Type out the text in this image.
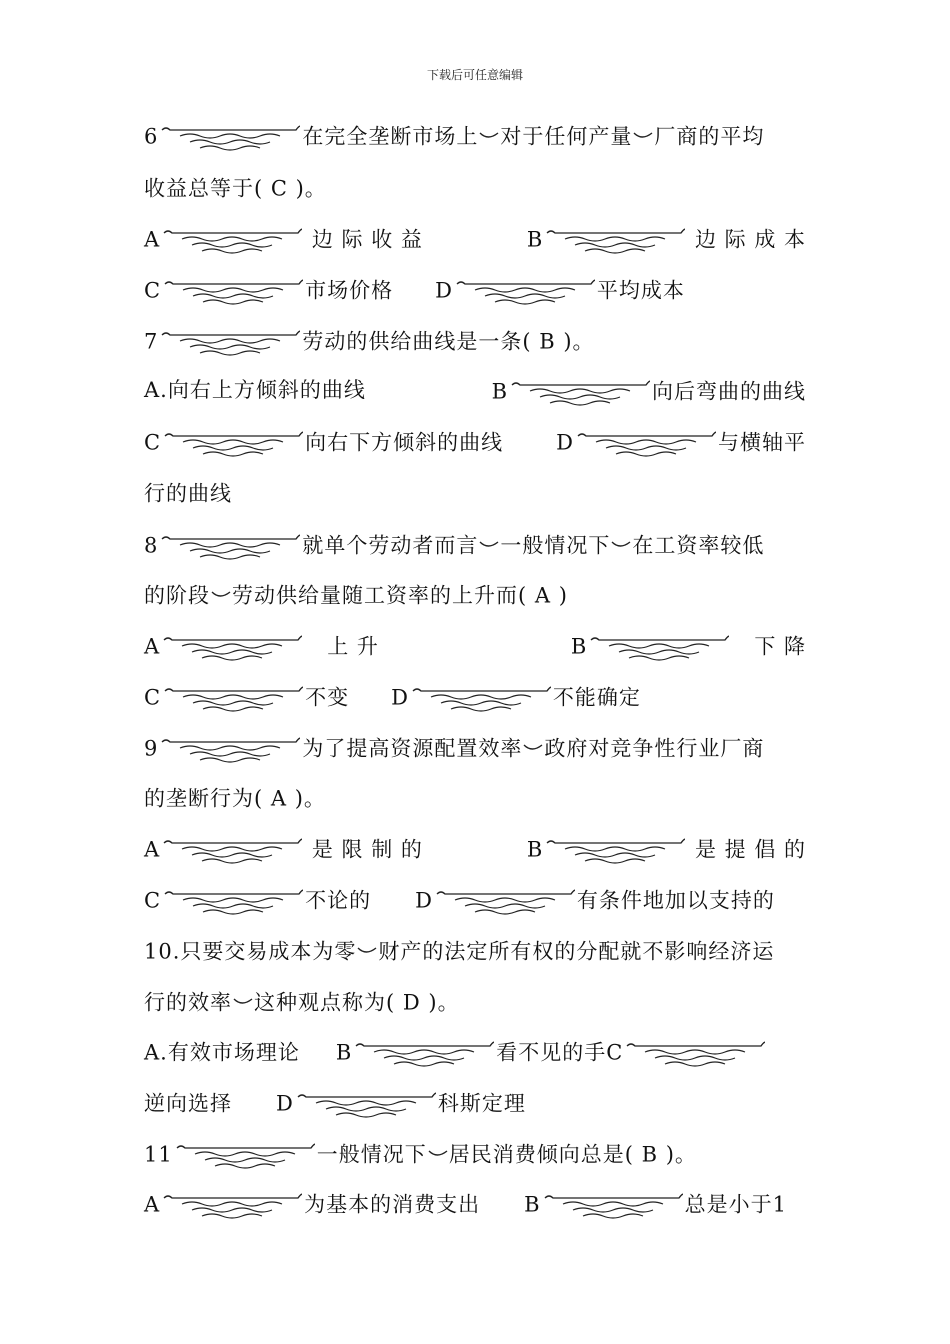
下载后可任意编辑
6	在完全垄断市场上 对于任何产量 厂商的平均
收益总等于( C )。
A	边 际 收 益	B	边 际 成 本
C	市场价格 D	平均成本
7	劳动的供给曲线是一条( B )。
A.向右上方倾斜的曲线	B	向后弯曲的曲线
C	向右下方倾斜的曲线	D	与横轴平
行的曲线
8	就单个劳动者而言 一般情况下 在工资率较低
的阶段 劳动供给量随工资率的上升而( A )
A	上 升	B	下 降
C	不变 D	不能确定
9	为了提高资源配置效率 政府对竞争性行业厂商
的垄断行为( A )。
A	是 限 制 的	B	是 提 倡 的
C	不论的 D	有条件地加以支持的
10.只要交易成本为零 财产的法定所有权的分配就不影响经济运
行的效率 这种观点称为( D )。
A.有效市场理论 B	看不见的手C
逆向选择 D	科斯定理
11	一般情况下 居民消费倾向总是( B )。
A	为基本的消费支出 B	总是小于1
